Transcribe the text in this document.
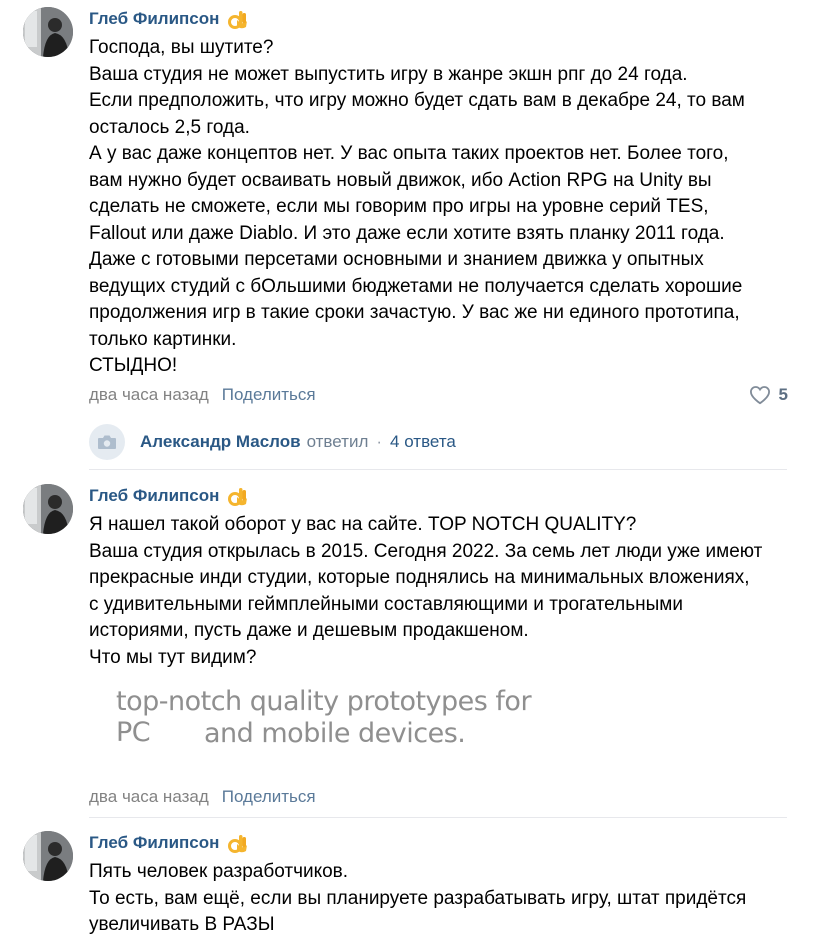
Глеб Филипсон
Господа, вы шутите?
Ваша студия не может выпустить игру в жанре экшн рпг до 24 года.
Если предположить, что игру можно будет сдать вам в декабре 24, то вам
осталось 2,5 года.
А у вас даже концептов нет. У вас опыта таких проектов нет. Более того,
вам нужно будет осваивать новый движок, ибо Action RPG на Unity вы
сделать не сможете, если мы говорим про игры на уровне серий TES,
Fallout или даже Diablo. И это даже если хотите взять планку 2011 года.
Даже с готовыми персетами основными и знанием движка у опытных
ведущих студий с бОльшими бюджетами не получается сделать хорошие
продолжения игр в такие сроки зачастую. У вас же ни единого прототипа,
только картинки.
СТЫДНО!
два часа назад Поделиться	5
Александр Маслов ответил · 4 ответа
Глеб Филипсон
Я нашел такой оборот у вас на сайте. TOP NOTCH QUALITY?
Ваша студия открылась в 2015. Сегодня 2022. За семь лет люди уже имеют
прекрасные инди студии, которые поднялись на минимальных вложениях,
с удивительными геймплейными составляющими и трогательными
историями, пусть даже и дешевым продакшеном.
Что мы тут видим?
top-notch quality prototypes for PC	and mobile devices.
два часа назад Поделиться
Глеб Филипсон
Пять человек разработчиков.
То есть, вам ещё, если вы планируете разрабатывать игру, штат придётся
увеличивать В РАЗЫ
